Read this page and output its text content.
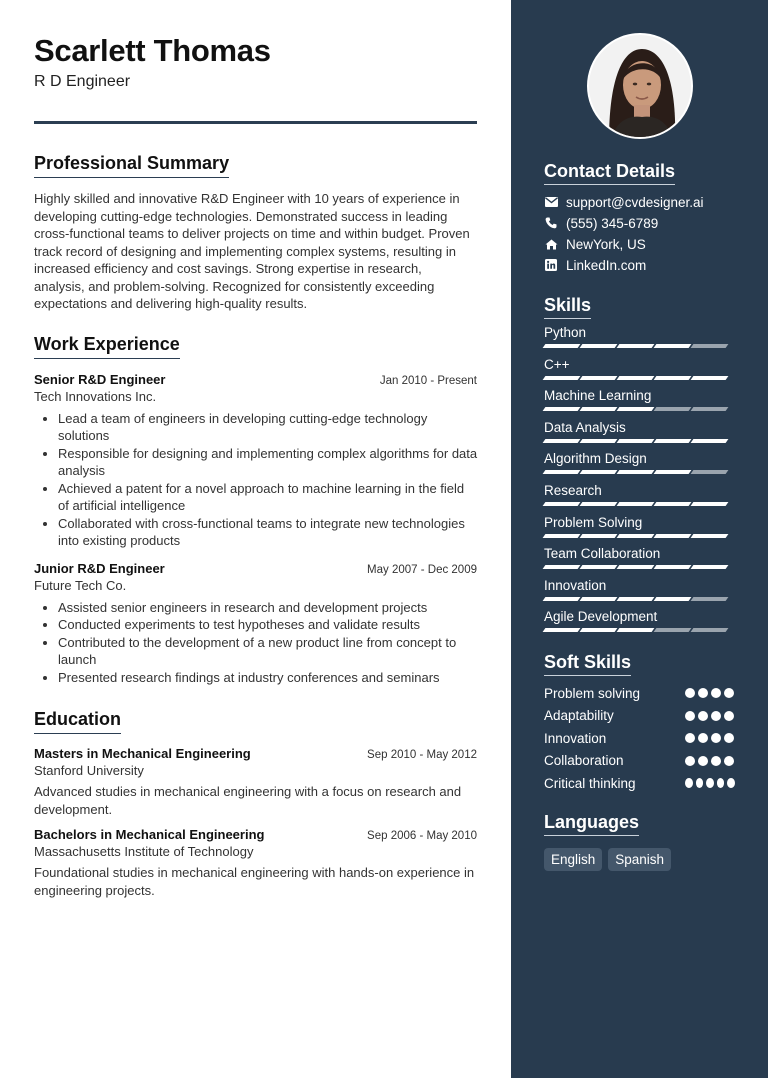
Scarlett Thomas
R D Engineer
Professional Summary
Highly skilled and innovative R&D Engineer with 10 years of experience in developing cutting-edge technologies. Demonstrated success in leading cross-functional teams to deliver projects on time and within budget. Proven track record of designing and implementing complex systems, resulting in increased efficiency and cost savings. Strong expertise in research, analysis, and problem-solving. Recognized for consistently exceeding expectations and delivering high-quality results.
Work Experience
Senior R&D Engineer	Jan 2010 - Present
Tech Innovations Inc.
• Lead a team of engineers in developing cutting-edge technology solutions
• Responsible for designing and implementing complex algorithms for data analysis
• Achieved a patent for a novel approach to machine learning in the field of artificial intelligence
• Collaborated with cross-functional teams to integrate new technologies into existing products
Junior R&D Engineer	May 2007 - Dec 2009
Future Tech Co.
• Assisted senior engineers in research and development projects
• Conducted experiments to test hypotheses and validate results
• Contributed to the development of a new product line from concept to launch
• Presented research findings at industry conferences and seminars
Education
Masters in Mechanical Engineering	Sep 2010 - May 2012
Stanford University
Advanced studies in mechanical engineering with a focus on research and development.
Bachelors in Mechanical Engineering	Sep 2006 - May 2010
Massachusetts Institute of Technology
Foundational studies in mechanical engineering with hands-on experience in engineering projects.
Contact Details
support@cvdesigner.ai
(555) 345-6789
NewYork, US
LinkedIn.com
Skills
Python
C++
Machine Learning
Data Analysis
Algorithm Design
Research
Problem Solving
Team Collaboration
Innovation
Agile Development
Soft Skills
Problem solving
Adaptability
Innovation
Collaboration
Critical thinking
Languages
English	Spanish
